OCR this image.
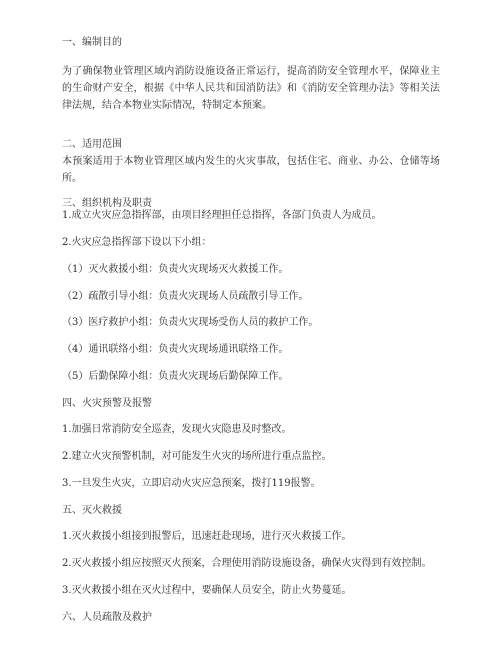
一、编制目的
为了确保物业管理区域内消防设施设备正常运行，提高消防安全管理水平，保障业主的生命财产安全，根据《中华人民共和国消防法》和《消防安全管理办法》等相关法律法规，结合本物业实际情况，特制定本预案。
二、适用范围
本预案适用于本物业管理区域内发生的火灾事故，包括住宅、商业、办公、仓储等场所。
三、组织机构及职责
1.成立火灾应急指挥部，由项目经理担任总指挥，各部门负责人为成员。
2.火灾应急指挥部下设以下小组：
（1）灭火救援小组：负责火灾现场灭火救援工作。
（2）疏散引导小组：负责火灾现场人员疏散引导工作。
（3）医疗救护小组：负责火灾现场受伤人员的救护工作。
（4）通讯联络小组：负责火灾现场通讯联络工作。
（5）后勤保障小组：负责火灾现场后勤保障工作。
四、火灾预警及报警
1.加强日常消防安全巡查，发现火灾隐患及时整改。
2.建立火灾预警机制，对可能发生火灾的场所进行重点监控。
3.一旦发生火灾，立即启动火灾应急预案，拨打119报警。
五、灭火救援
1.灭火救援小组接到报警后，迅速赶赴现场，进行灭火救援工作。
2.灭火救援小组应按照灭火预案，合理使用消防设施设备，确保火灾得到有效控制。
3.灭火救援小组在灭火过程中，要确保人员安全，防止火势蔓延。
六、人员疏散及救护
